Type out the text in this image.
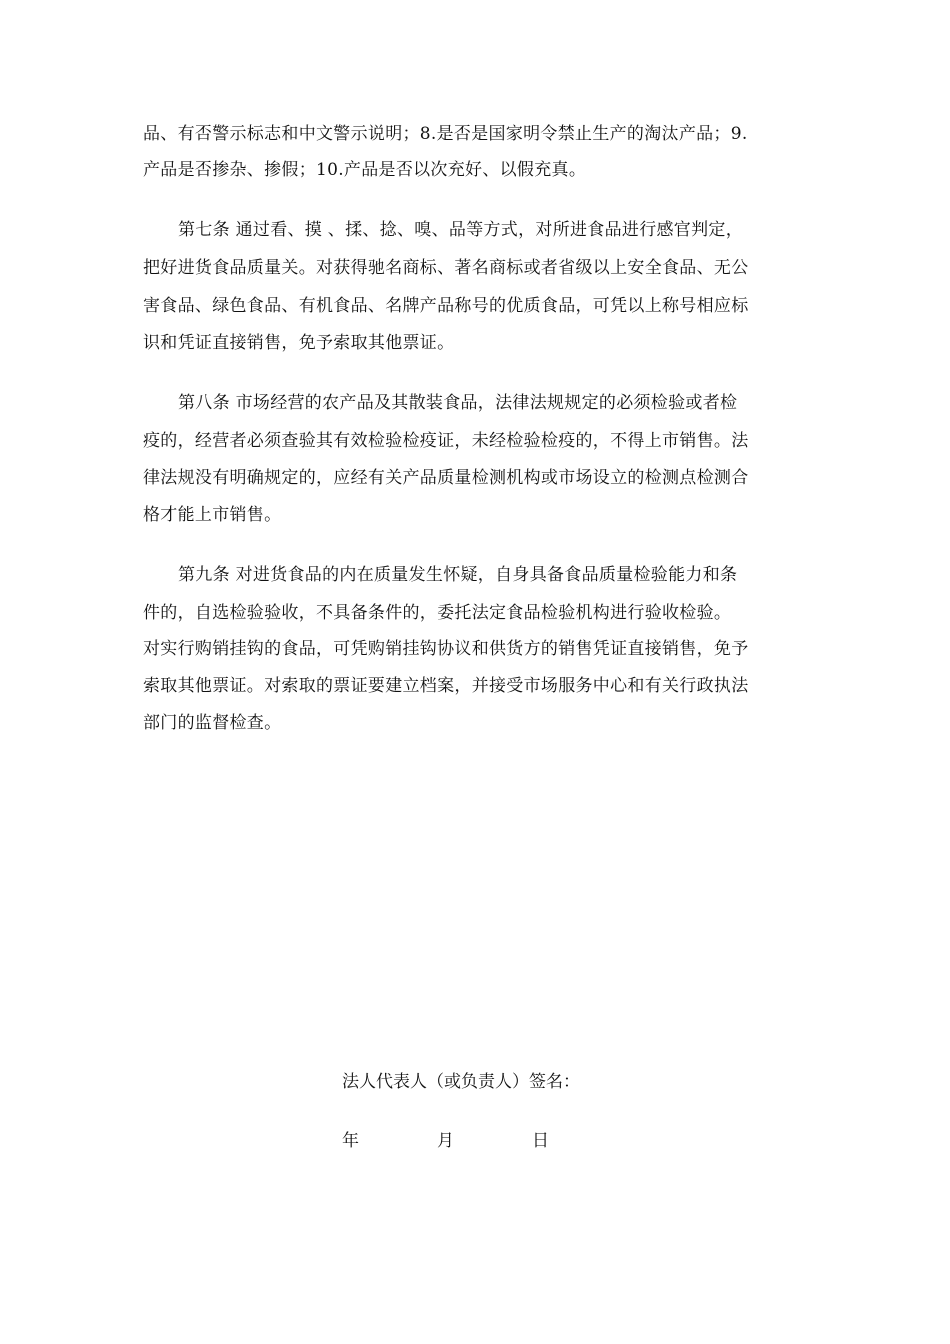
品、有否警示标志和中文警示说明；8.是否是国家明令禁止生产的淘汰产品；9.
产品是否掺杂、掺假；10.产品是否以次充好、以假充真。
第七条 通过看、摸 、揉、捻、嗅、品等方式，对所进食品进行感官判定，
把好进货食品质量关。对获得驰名商标、著名商标或者省级以上安全食品、无公
害食品、绿色食品、有机食品、名牌产品称号的优质食品，可凭以上称号相应标
识和凭证直接销售，免予索取其他票证。
第八条 市场经营的农产品及其散装食品，法律法规规定的必须检验或者检
疫的，经营者必须查验其有效检验检疫证，未经检验检疫的，不得上市销售。法
律法规没有明确规定的，应经有关产品质量检测机构或市场设立的检测点检测合
格才能上市销售。
第九条 对进货食品的内在质量发生怀疑，自身具备食品质量检验能力和条
件的，自选检验验收，不具备条件的，委托法定食品检验机构进行验收检验。
对实行购销挂钩的食品，可凭购销挂钩协议和供货方的销售凭证直接销售，免予
索取其他票证。对索取的票证要建立档案，并接受市场服务中心和有关行政执法
部门的监督检查。
法人代表人（或负责人）签名：
年	月	日
